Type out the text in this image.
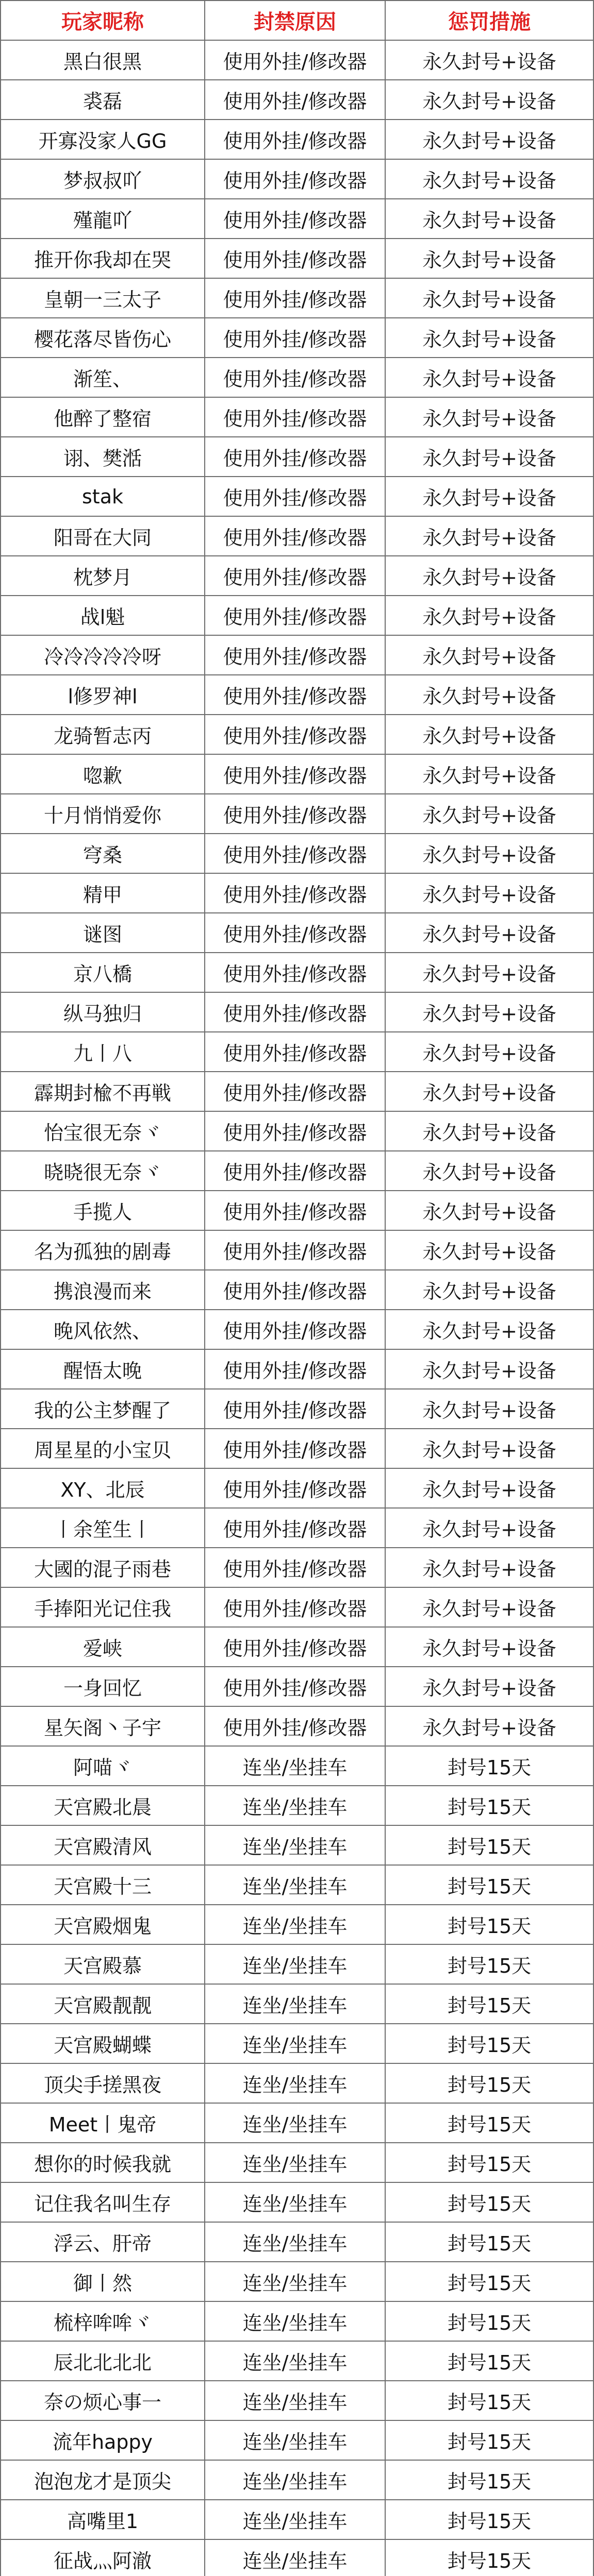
玩家昵称	封禁原因	惩罚措施
黑白很黑	使用外挂/修改器	永久封号+设备
裘磊	使用外挂/修改器	永久封号+设备
开寡没家人GG	使用外挂/修改器	永久封号+设备
梦叔叔吖	使用外挂/修改器	永久封号+设备
殣龍吖	使用外挂/修改器	永久封号+设备
推开你我却在哭	使用外挂/修改器	永久封号+设备
皇朝一三太子	使用外挂/修改器	永久封号+设备
樱花落尽皆伤心	使用外挂/修改器	永久封号+设备
渐笙、	使用外挂/修改器	永久封号+设备
他醉了整宿	使用外挂/修改器	永久封号+设备
诩、樊湉	使用外挂/修改器	永久封号+设备
stak	使用外挂/修改器	永久封号+设备
阳哥在大同	使用外挂/修改器	永久封号+设备
枕梦月	使用外挂/修改器	永久封号+设备
战l魁	使用外挂/修改器	永久封号+设备
冷冷冷冷冷呀	使用外挂/修改器	永久封号+设备
l修罗神l	使用外挂/修改器	永久封号+设备
龙骑暂志丙	使用外挂/修改器	永久封号+设备
唿歉	使用外挂/修改器	永久封号+设备
十月悄悄爱你	使用外挂/修改器	永久封号+设备
穹桑	使用外挂/修改器	永久封号+设备
精甲	使用外挂/修改器	永久封号+设备
谜图	使用外挂/修改器	永久封号+设备
京八橋	使用外挂/修改器	永久封号+设备
纵马独归	使用外挂/修改器	永久封号+设备
九丨八	使用外挂/修改器	永久封号+设备
霹期封楡不再戦	使用外挂/修改器	永久封号+设备
怡宝很无奈ヾ	使用外挂/修改器	永久封号+设备
晓晓很无奈ヾ	使用外挂/修改器	永久封号+设备
手揽人	使用外挂/修改器	永久封号+设备
名为孤独的剧毒	使用外挂/修改器	永久封号+设备
携浪漫而来	使用外挂/修改器	永久封号+设备
晚风依然、	使用外挂/修改器	永久封号+设备
醒悟太晚	使用外挂/修改器	永久封号+设备
我的公主梦醒了	使用外挂/修改器	永久封号+设备
周星星的小宝贝	使用外挂/修改器	永久封号+设备
XY、北辰	使用外挂/修改器	永久封号+设备
丨余笙生丨	使用外挂/修改器	永久封号+设备
大國的混子雨巷	使用外挂/修改器	永久封号+设备
手捧阳光记住我	使用外挂/修改器	永久封号+设备
爱峡	使用外挂/修改器	永久封号+设备
一身回忆	使用外挂/修改器	永久封号+设备
星矢阁丶子宇	使用外挂/修改器	永久封号+设备
阿喵ヾ	连坐/坐挂车	封号15天
天宫殿北晨	连坐/坐挂车	封号15天
天宫殿清风	连坐/坐挂车	封号15天
天宫殿十三	连坐/坐挂车	封号15天
天宫殿烟鬼	连坐/坐挂车	封号15天
天宫殿慕	连坐/坐挂车	封号15天
天宫殿靓靓	连坐/坐挂车	封号15天
天宫殿蝴蝶	连坐/坐挂车	封号15天
顶尖手搓黑夜	连坐/坐挂车	封号15天
Meet丨鬼帝	连坐/坐挂车	封号15天
想你的时候我就	连坐/坐挂车	封号15天
记住我名叫生存	连坐/坐挂车	封号15天
浮云、肝帝	连坐/坐挂车	封号15天
御丨然	连坐/坐挂车	封号15天
梳梓哞哞ヾ	连坐/坐挂车	封号15天
辰北北北北	连坐/坐挂车	封号15天
奈の烦心事一	连坐/坐挂车	封号15天
流年happy	连坐/坐挂车	封号15天
泡泡龙才是顶尖	连坐/坐挂车	封号15天
高嘴里1	连坐/坐挂车	封号15天
征战灬阿澈	连坐/坐挂车	封号15天
